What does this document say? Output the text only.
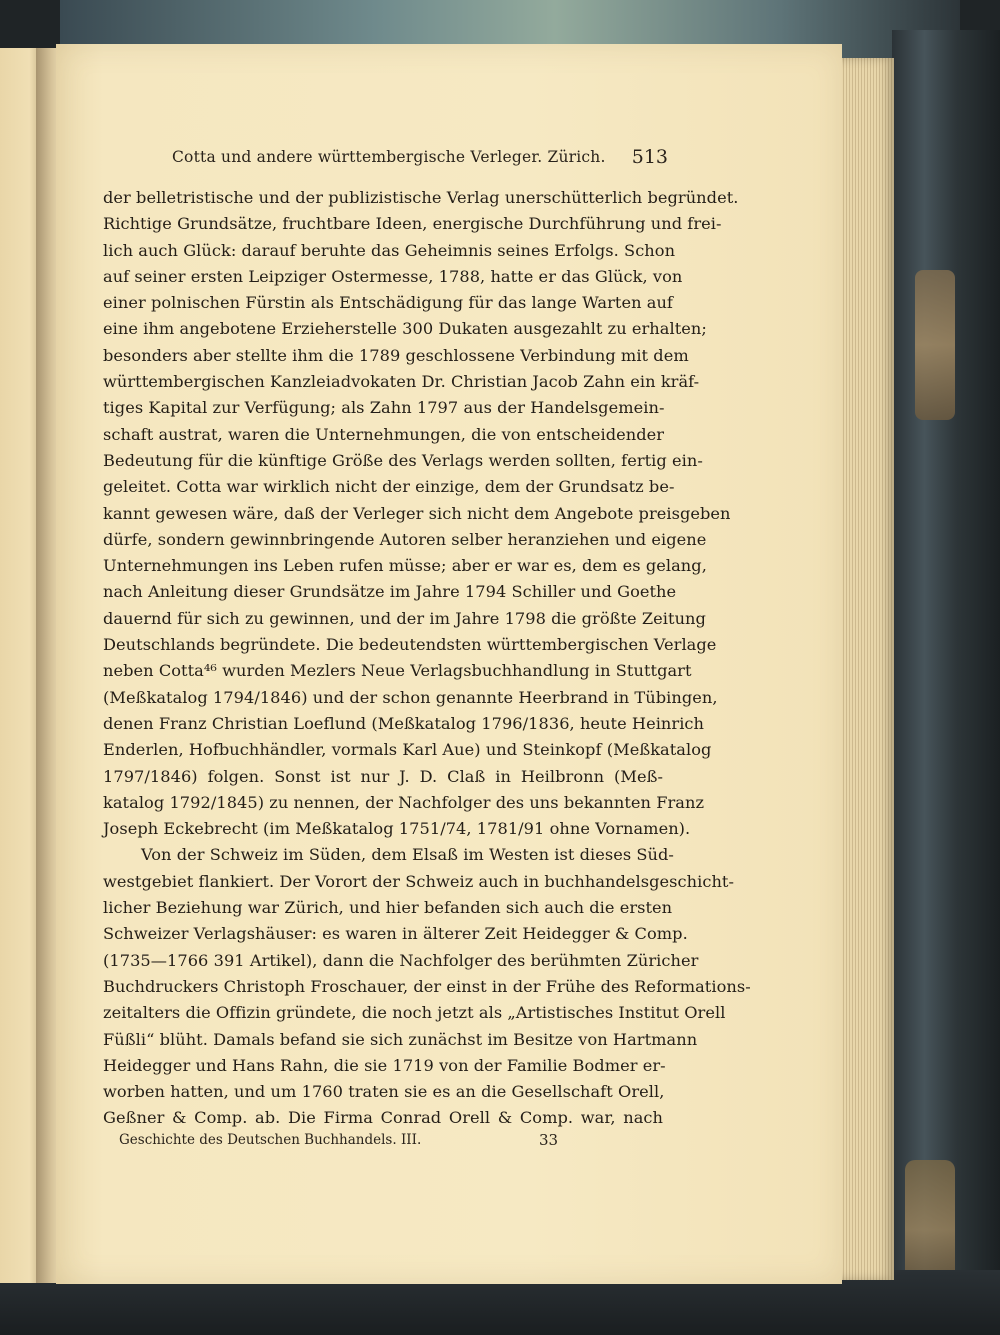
Cotta und andere württembergische Verleger. Zürich. 513
der belletristische und der publizistische Verlag unerschütterlich begründet.
Richtige Grundsätze, fruchtbare Ideen, energische Durchführung und frei-
lich auch Glück: darauf beruhte das Geheimnis seines Erfolgs. Schon
auf seiner ersten Leipziger Ostermesse, 1788, hatte er das Glück, von
einer polnischen Fürstin als Entschädigung für das lange Warten auf
eine ihm angebotene Erzieherstelle 300 Dukaten ausgezahlt zu erhalten;
besonders aber stellte ihm die 1789 geschlossene Verbindung mit dem
württembergischen Kanzleiadvokaten Dr. Christian Jacob Zahn ein kräf-
tiges Kapital zur Verfügung; als Zahn 1797 aus der Handelsgemein-
schaft austrat, waren die Unternehmungen, die von entscheidender
Bedeutung für die künftige Größe des Verlags werden sollten, fertig ein-
geleitet. Cotta war wirklich nicht der einzige, dem der Grundsatz be-
kannt gewesen wäre, daß der Verleger sich nicht dem Angebote preisgeben
dürfe, sondern gewinnbringende Autoren selber heranziehen und eigene
Unternehmungen ins Leben rufen müsse; aber er war es, dem es gelang,
nach Anleitung dieser Grundsätze im Jahre 1794 Schiller und Goethe
dauernd für sich zu gewinnen, und der im Jahre 1798 die größte Zeitung
Deutschlands begründete. Die bedeutendsten württembergischen Verlage
neben Cotta⁴⁶ wurden Mezlers Neue Verlagsbuchhandlung in Stuttgart
(Meßkatalog 1794/1846) und der schon genannte Heerbrand in Tübingen,
denen Franz Christian Loeflund (Meßkatalog 1796/1836, heute Heinrich
Enderlen, Hofbuchhändler, vormals Karl Aue) und Steinkopf (Meßkatalog
1797/1846) folgen. Sonst ist nur J. D. Claß in Heilbronn (Meß-
katalog 1792/1845) zu nennen, der Nachfolger des uns bekannten Franz
Joseph Eckebrecht (im Meßkatalog 1751/74, 1781/91 ohne Vornamen).
Von der Schweiz im Süden, dem Elsaß im Westen ist dieses Süd-
westgebiet flankiert. Der Vorort der Schweiz auch in buchhandelsgeschicht-
licher Beziehung war Zürich, und hier befanden sich auch die ersten
Schweizer Verlagshäuser: es waren in älterer Zeit Heidegger & Comp.
(1735—1766 391 Artikel), dann die Nachfolger des berühmten Züricher
Buchdruckers Christoph Froschauer, der einst in der Frühe des Reformations-
zeitalters die Offizin gründete, die noch jetzt als „Artistisches Institut Orell
Füßli“ blüht. Damals befand sie sich zunächst im Besitze von Hartmann
Heidegger und Hans Rahn, die sie 1719 von der Familie Bodmer er-
worben hatten, und um 1760 traten sie es an die Gesellschaft Orell,
Geßner & Comp. ab. Die Firma Conrad Orell & Comp. war, nach
Geschichte des Deutschen Buchhandels. III.	33
